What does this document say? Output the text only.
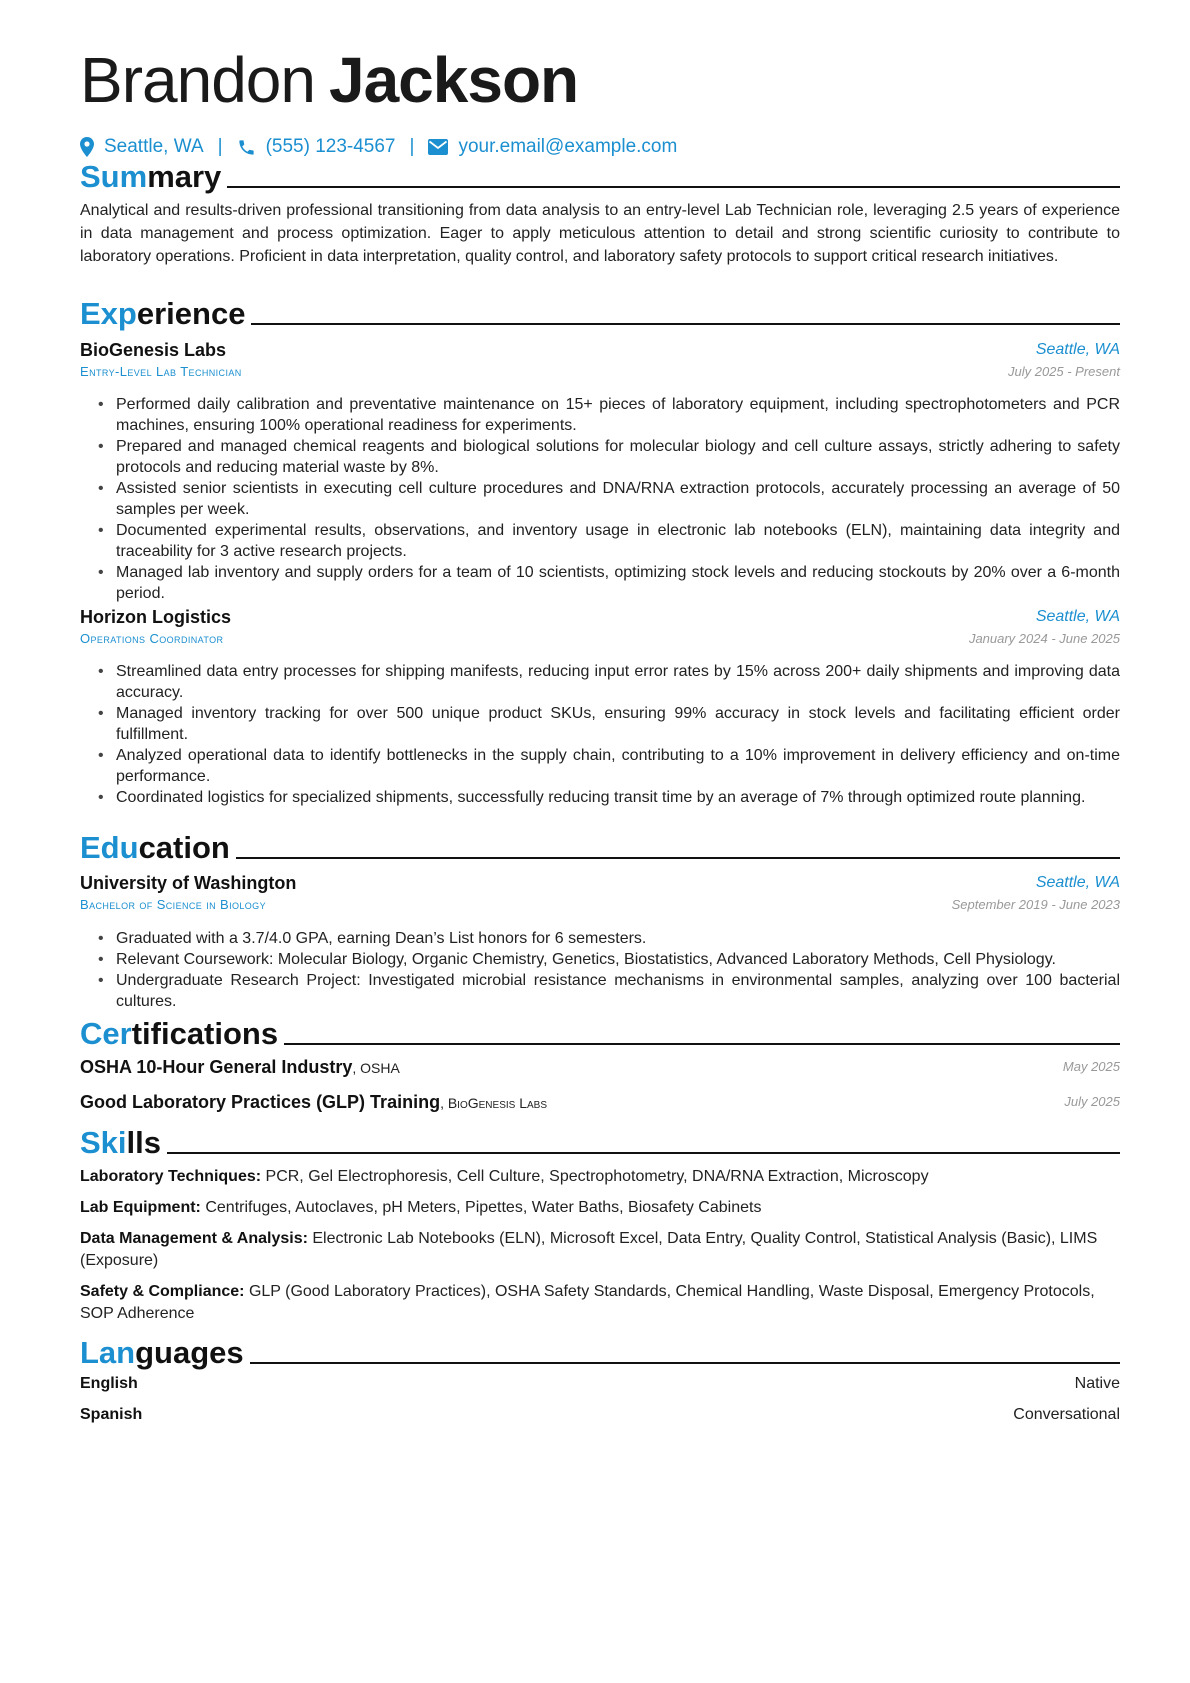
Brandon Jackson
Seattle, WA | (555) 123-4567 | your.email@example.com
Summary
Analytical and results-driven professional transitioning from data analysis to an entry-level Lab Technician role, leveraging 2.5 years of experience in data management and process optimization. Eager to apply meticulous attention to detail and strong scientific curiosity to contribute to laboratory operations. Proficient in data interpretation, quality control, and laboratory safety protocols to support critical research initiatives.
Experience
BioGenesis Labs	Seattle, WA
Entry-Level Lab Technician	July 2025 - Present
• Performed daily calibration and preventative maintenance on 15+ pieces of laboratory equipment, including spectrophotometers and PCR machines, ensuring 100% operational readiness for experiments.
• Prepared and managed chemical reagents and biological solutions for molecular biology and cell culture assays, strictly adhering to safety protocols and reducing material waste by 8%.
• Assisted senior scientists in executing cell culture procedures and DNA/RNA extraction protocols, accurately processing an average of 50 samples per week.
• Documented experimental results, observations, and inventory usage in electronic lab notebooks (ELN), maintaining data integrity and traceability for 3 active research projects.
• Managed lab inventory and supply orders for a team of 10 scientists, optimizing stock levels and reducing stockouts by 20% over a 6-month period.
Horizon Logistics	Seattle, WA
Operations Coordinator	January 2024 - June 2025
• Streamlined data entry processes for shipping manifests, reducing input error rates by 15% across 200+ daily shipments and improving data accuracy.
• Managed inventory tracking for over 500 unique product SKUs, ensuring 99% accuracy in stock levels and facilitating efficient order fulfillment.
• Analyzed operational data to identify bottlenecks in the supply chain, contributing to a 10% improvement in delivery efficiency and on-time performance.
• Coordinated logistics for specialized shipments, successfully reducing transit time by an average of 7% through optimized route planning.
Education
University of Washington	Seattle, WA
Bachelor of Science in Biology	September 2019 - June 2023
• Graduated with a 3.7/4.0 GPA, earning Dean’s List honors for 6 semesters.
• Relevant Coursework: Molecular Biology, Organic Chemistry, Genetics, Biostatistics, Advanced Laboratory Methods, Cell Physiology.
• Undergraduate Research Project: Investigated microbial resistance mechanisms in environmental samples, analyzing over 100 bacterial cultures.
Certifications
OSHA 10-Hour General Industry, OSHA	May 2025
Good Laboratory Practices (GLP) Training, BioGenesis Labs	July 2025
Skills
Laboratory Techniques: PCR, Gel Electrophoresis, Cell Culture, Spectrophotometry, DNA/RNA Extraction, Microscopy
Lab Equipment: Centrifuges, Autoclaves, pH Meters, Pipettes, Water Baths, Biosafety Cabinets
Data Management & Analysis: Electronic Lab Notebooks (ELN), Microsoft Excel, Data Entry, Quality Control, Statistical Analysis (Basic), LIMS (Exposure)
Safety & Compliance: GLP (Good Laboratory Practices), OSHA Safety Standards, Chemical Handling, Waste Disposal, Emergency Protocols, SOP Adherence
Languages
English	Native
Spanish	Conversational
